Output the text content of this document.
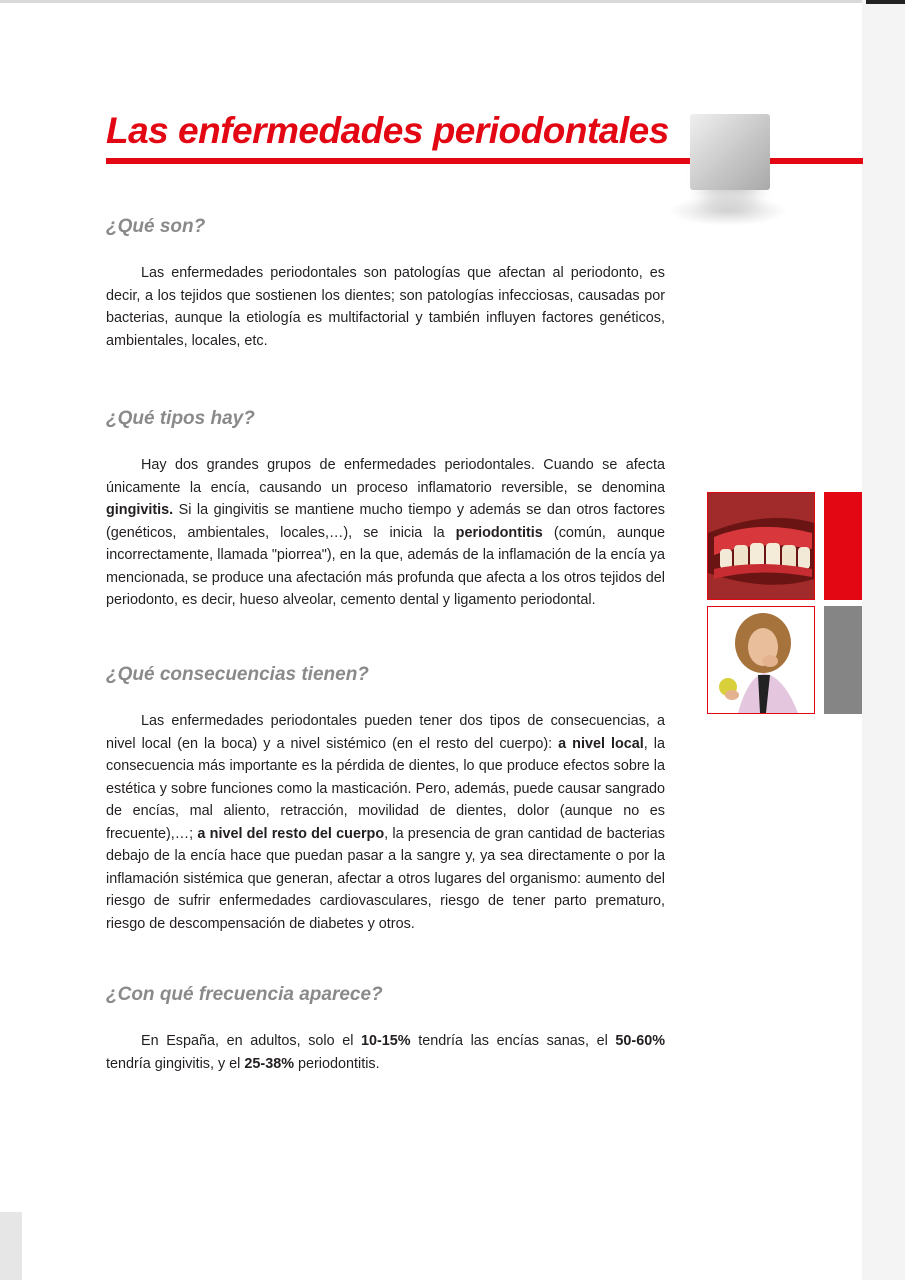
Las enfermedades periodontales
¿Qué son?

Las enfermedades periodontales son patologías que afectan al periodonto, es decir, a los tejidos que sostienen los dientes; son patologías infecciosas, causadas por bacterias, aunque la etiología es multifactorial y también influyen factores genéticos, ambientales, locales, etc.

¿Qué tipos hay?

Hay dos grandes grupos de enfermedades periodontales. Cuando se afecta únicamente la encía, causando un proceso inflamatorio reversible, se denomina gingivitis. Si la gingivitis se mantiene mucho tiempo y además se dan otros factores (genéticos, ambientales, locales,…), se inicia la periodontitis (común, aunque incorrectamente, llamada "piorrea"), en la que, además de la inflamación de la encía ya mencionada, se produce una afectación más profunda que afecta a los otros tejidos del periodonto, es decir, hueso alveolar, cemento dental y ligamento periodontal.

¿Qué consecuencias tienen?

Las enfermedades periodontales pueden tener dos tipos de consecuencias, a nivel local (en la boca) y a nivel sistémico (en el resto del cuerpo): a nivel local, la consecuencia más importante es la pérdida de dientes, lo que produce efectos sobre la estética y sobre funciones como la masticación. Pero, además, puede causar sangrado de encías, mal aliento, retracción, movilidad de dientes, dolor (aunque no es frecuente),…; a nivel del resto del cuerpo, la presencia de gran cantidad de bacterias debajo de la encía hace que puedan pasar a la sangre y, ya sea directamente o por la inflamación sistémica que generan, afectar a otros lugares del organismo: aumento del riesgo de sufrir enfermedades cardiovasculares, riesgo de tener parto prematuro, riesgo de descompensación de diabetes y otros.

¿Con qué frecuencia aparece?

En España, en adultos, solo el 10-15% tendría las encías sanas, el 50-60% tendría gingivitis, y el 25-38% periodontitis.
